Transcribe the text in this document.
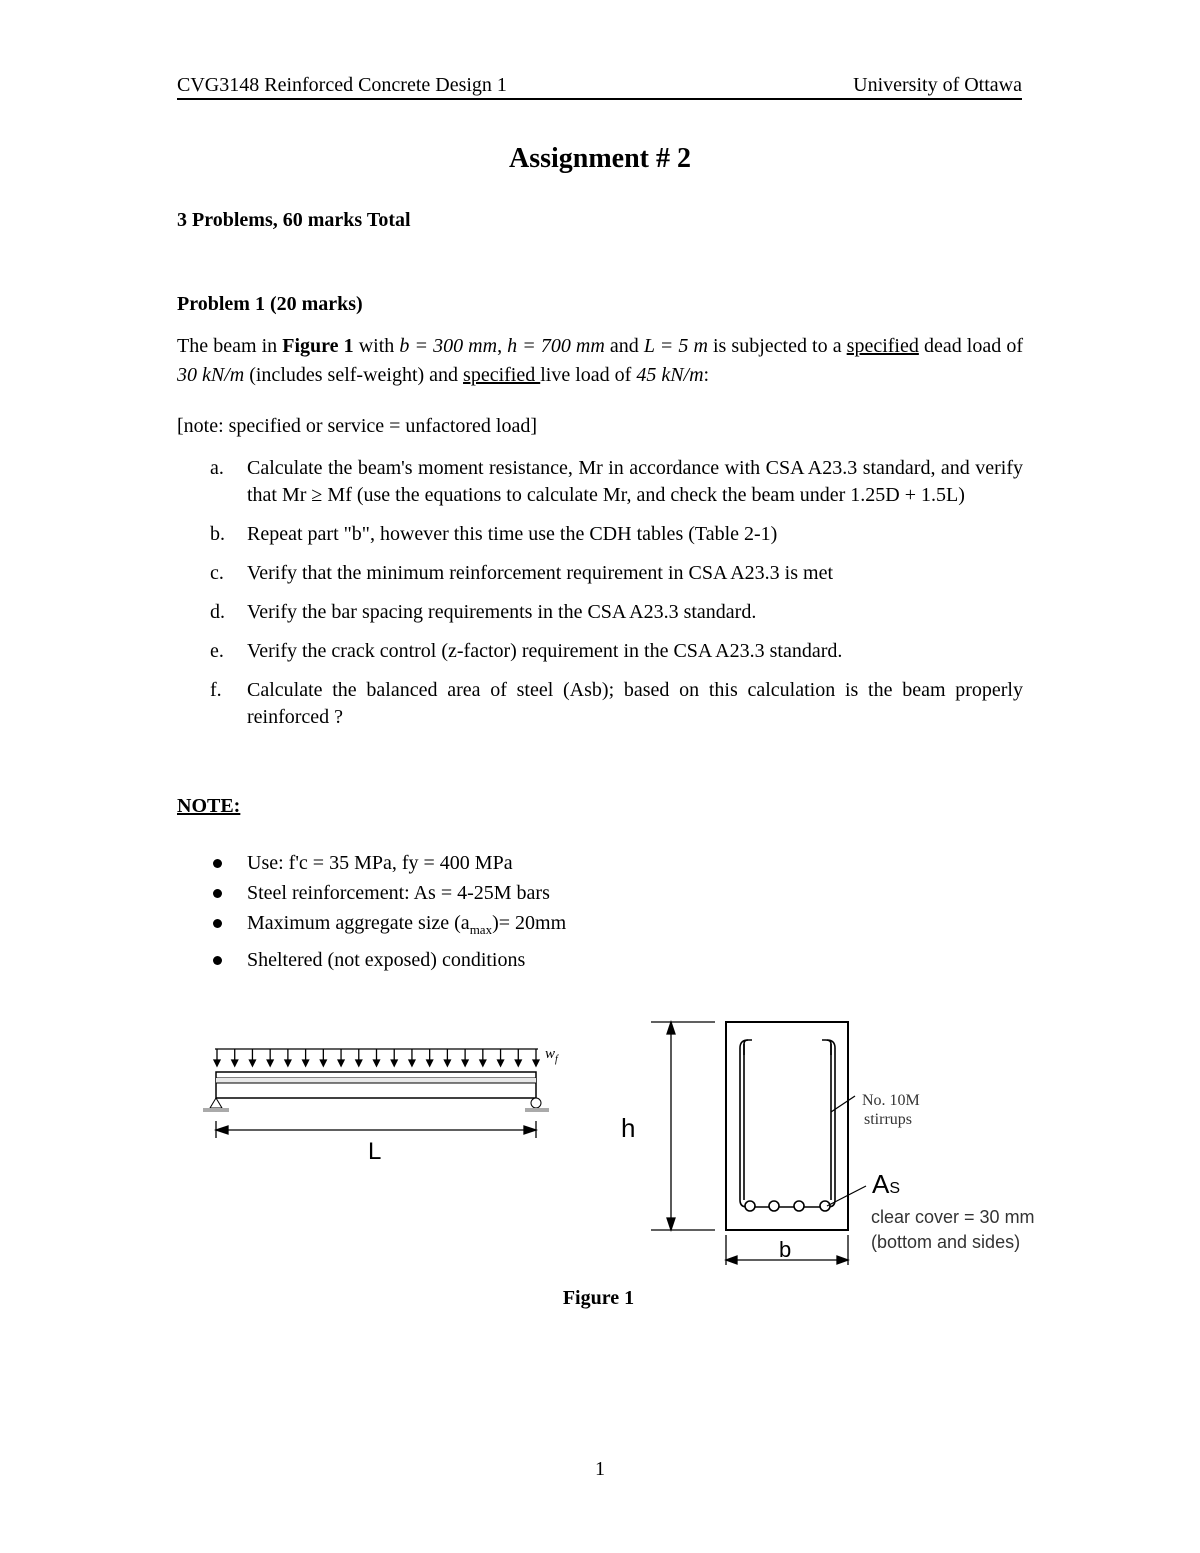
CVG3148 Reinforced Concrete Design 1	University of Ottawa
Assignment # 2
3 Problems, 60 marks Total
Problem 1 (20 marks)
The beam in Figure 1 with b = 300 mm, h = 700 mm and L = 5 m is subjected to a specified dead load of 30 kN/m (includes self-weight) and specified live load of 45 kN/m:
[note: specified or service = unfactored load]
a. Calculate the beam's moment resistance, Mr in accordance with CSA A23.3 standard, and verify that Mr ≥ Mf (use the equations to calculate Mr, and check the beam under 1.25D + 1.5L)
b. Repeat part "b", however this time use the CDH tables (Table 2-1)
c. Verify that the minimum reinforcement requirement in CSA A23.3 is met
d. Verify the bar spacing requirements in the CSA A23.3 standard.
e. Verify the crack control (z-factor) requirement in the CSA A23.3 standard.
f. Calculate the balanced area of steel (Asb); based on this calculation is the beam properly reinforced ?
NOTE:
Use: f'c = 35 MPa, fy = 400 MPa
Steel reinforcement: As = 4-25M bars
Maximum aggregate size $(a_{max})= 20mm$
Sheltered (not exposed) conditions
$w_f$
L
h
b
No. 10M
stirrups
AS
clear cover = 30 mm
(bottom and sides)
Figure 1
1
